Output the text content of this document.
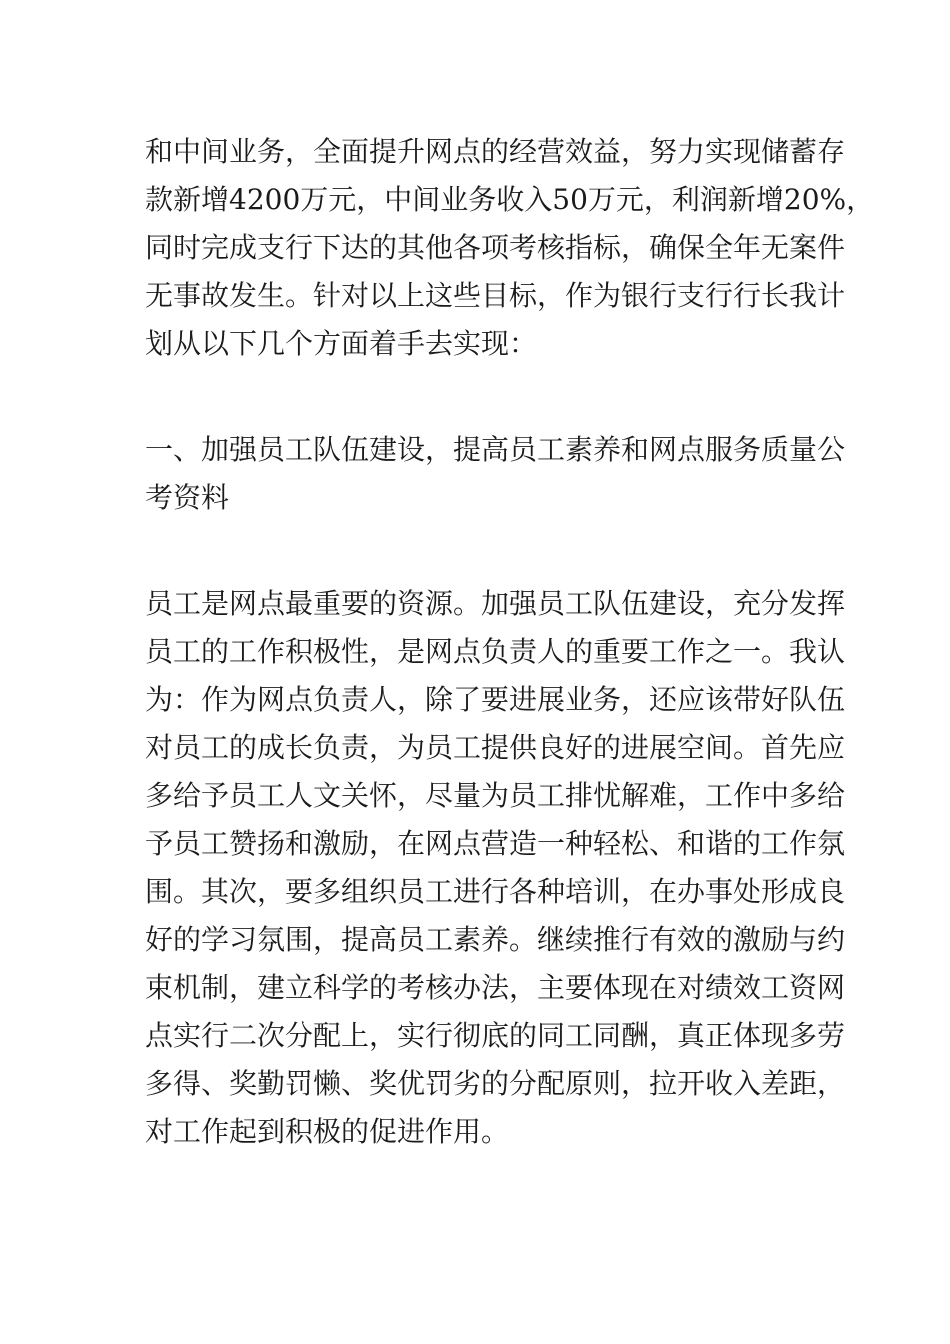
和中间业务，全面提升网点的经营效益，努力实现储蓄存
款新增4200万元，中间业务收入50万元，利润新增20%，
同时完成支行下达的其他各项考核指标，确保全年无案件
无事故发生。针对以上这些目标，作为银行支行行长我计
划从以下几个方面着手去实现：
一、加强员工队伍建设，提高员工素养和网点服务质量公
考资料
员工是网点最重要的资源。加强员工队伍建设，充分发挥
员工的工作积极性，是网点负责人的重要工作之一。我认
为：作为网点负责人，除了要进展业务，还应该带好队伍
对员工的成长负责，为员工提供良好的进展空间。首先应
多给予员工人文关怀，尽量为员工排忧解难，工作中多给
予员工赞扬和激励，在网点营造一种轻松、和谐的工作氛
围。其次，要多组织员工进行各种培训，在办事处形成良
好的学习氛围，提高员工素养。继续推行有效的激励与约
束机制，建立科学的考核办法，主要体现在对绩效工资网
点实行二次分配上，实行彻底的同工同酬，真正体现多劳
多得、奖勤罚懒、奖优罚劣的分配原则，拉开收入差距，
对工作起到积极的促进作用。
